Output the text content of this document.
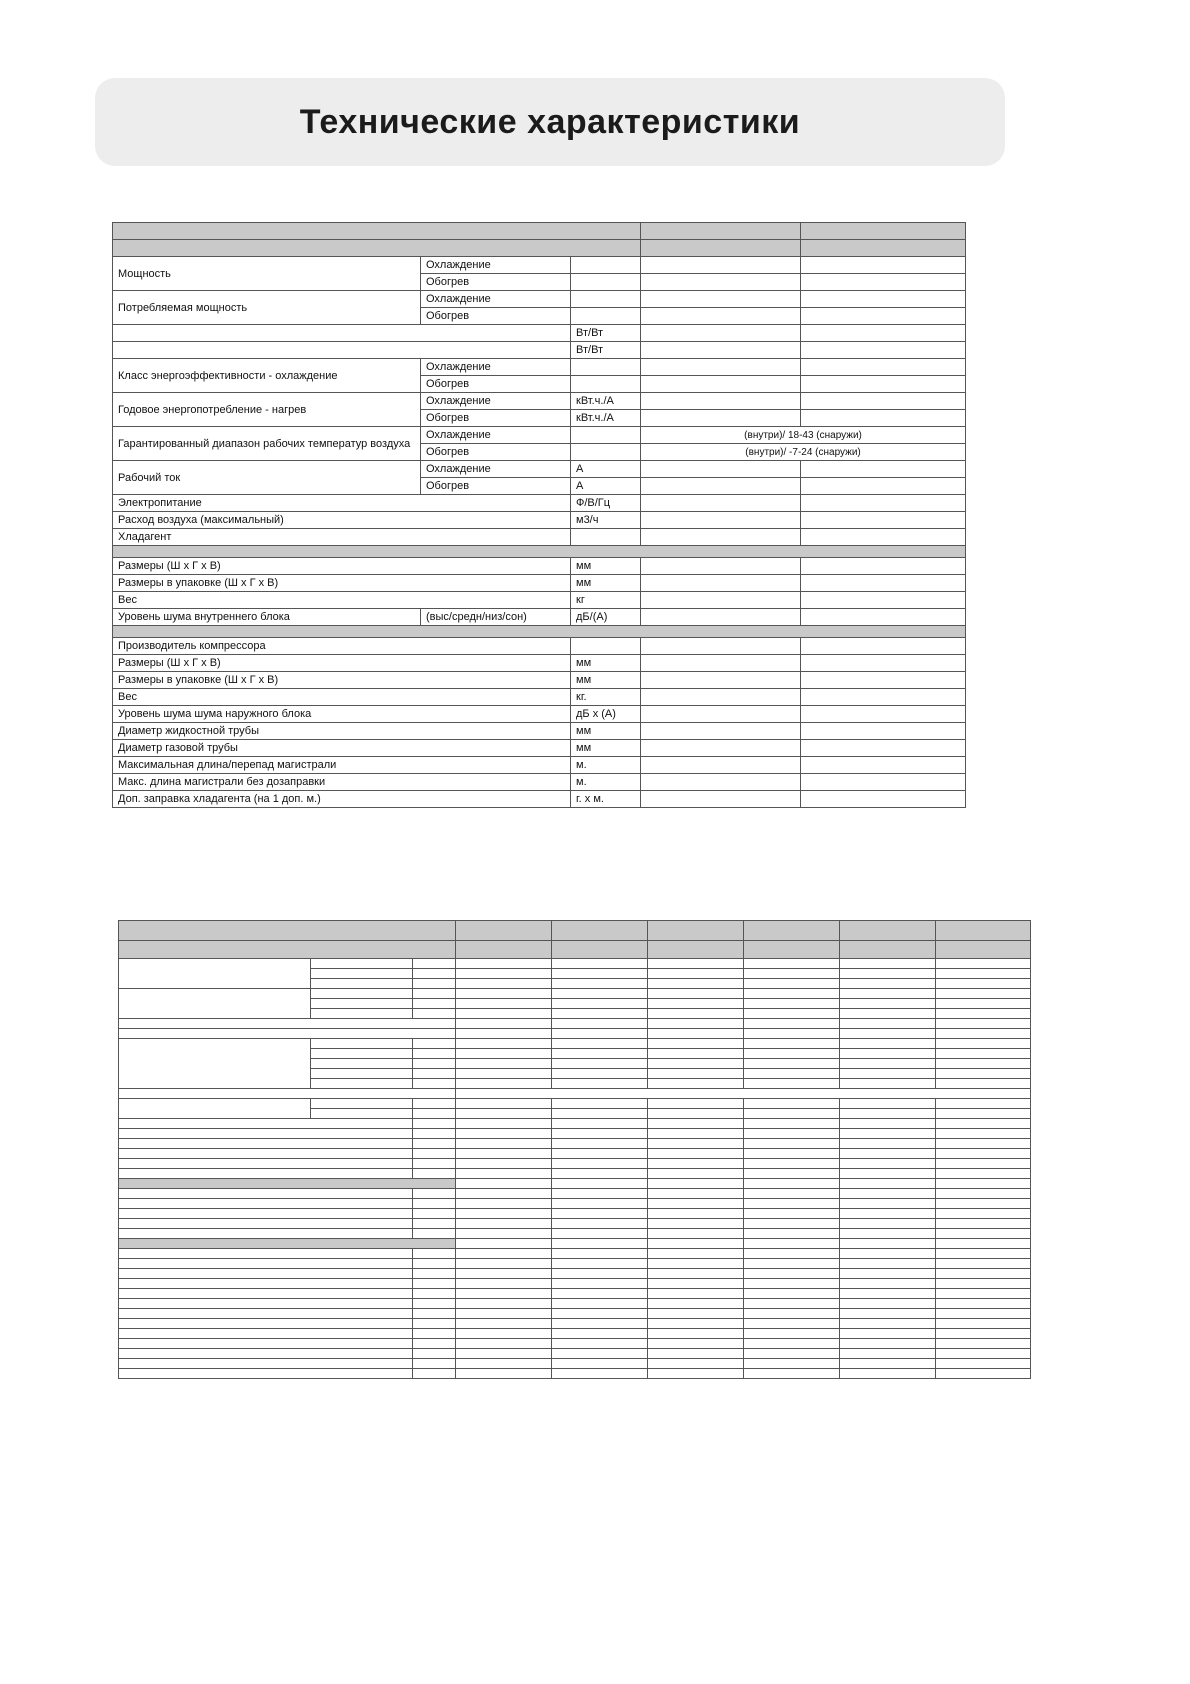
Технические характеристики

Мощность	Охлаждение			
	Обогрев			
Потребляемая мощность	Охлаждение			
	Обогрев			
		Вт/Вт		
		Вт/Вт		
Класс энергоэффективности - охлаждение	Охлаждение			
	Обогрев			
Годовое энергопотребление - нагрев	Охлаждение	кВт.ч./А		
	Обогрев	кВт.ч./А		
Гарантированный диапазон рабочих температур воздуха	Охлаждение		(внутри)/ 18-43 (снаружи)	
	Обогрев		(внутри)/ -7-24 (снаружи)	
Рабочий ток	Охлаждение	А		
	Обогрев	А		
Электропитание		Ф/В/Гц		
Расход воздуха (максимальный)		м3/ч		
Хладагент				

Размеры (Ш х Г х В)		мм		
Размеры в упаковке (Ш х Г х В)		мм		
Вес		кг		
Уровень шума внутреннего блока	(выс/средн/низ/сон)	дБ/(А)		

Производитель компрессора				
Размеры (Ш х Г х В)		мм		
Размеры в упаковке (Ш х Г х В)		мм		
Вес		кг.		
Уровень шума шума наружного блока		дБ х (А)		
Диаметр жидкостной трубы		мм		
Диаметр газовой трубы		мм		
Максимальная длина/перепад магистрали		м.		
Макс. длина магистрали без дозаправки		м.		
Доп. заправка хладагента (на 1 доп. м.)		г. х м.		
